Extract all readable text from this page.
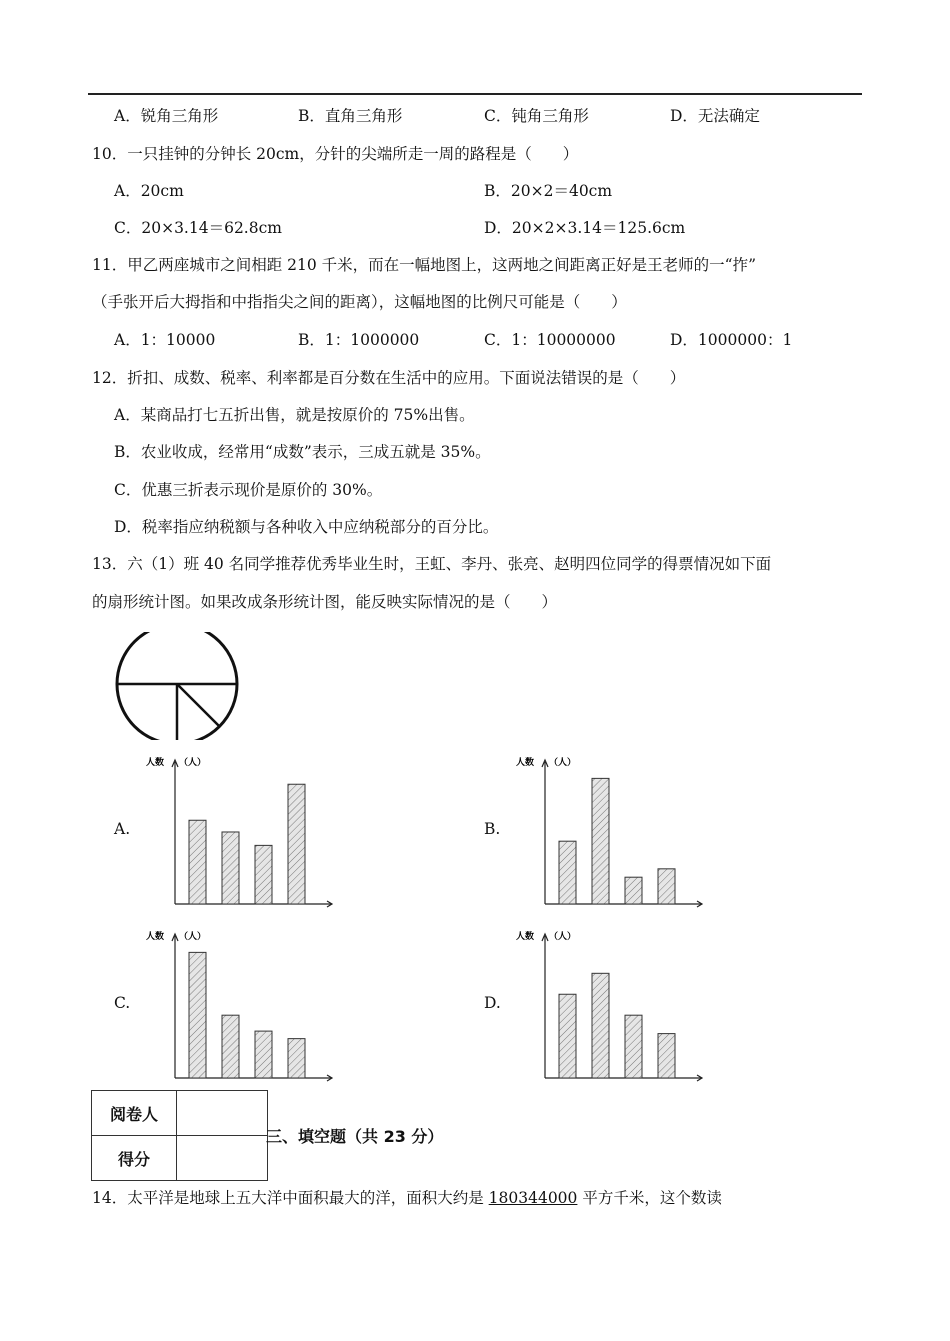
A．锐角三角形	B．直角三角形	C．钝角三角形	D．无法确定
10．一只挂钟的分钟长 20cm，分针的尖端所走一周的路程是（　　）
A．20cm	B．20×2＝40cm
C．20×3.14＝62.8cm	D．20×2×3.14＝125.6cm
11．甲乙两座城市之间相距 210 千米，而在一幅地图上，这两地之间距离正好是王老师的一“拃”
（手张开后大拇指和中指指尖之间的距离），这幅地图的比例尺可能是（　　）
A．1：10000	B．1：1000000	C．1：10000000	D．1000000：1
12．折扣、成数、税率、利率都是百分数在生活中的应用。下面说法错误的是（　　）
A．某商品打七五折出售，就是按原价的 75%出售。
B．农业收成，经常用“成数”表示，三成五就是 35%。
C．优惠三折表示现价是原价的 30%。
D．税率指应纳税额与各种收入中应纳税部分的百分比。
13．六（1）班 40 名同学推荐优秀毕业生时，王虹、李丹、张亮、赵明四位同学的得票情况如下面
的扇形统计图。如果改成条形统计图，能反映实际情况的是（　　）
A.	B.
C.	D.
人数 （人）	人数 （人）
人数 （人）	人数 （人）
阅卷人	
得分	
三、填空题（共 23 分）
14．太平洋是地球上五大洋中面积最大的洋，面积大约是 180344000 平方千米，这个数读
